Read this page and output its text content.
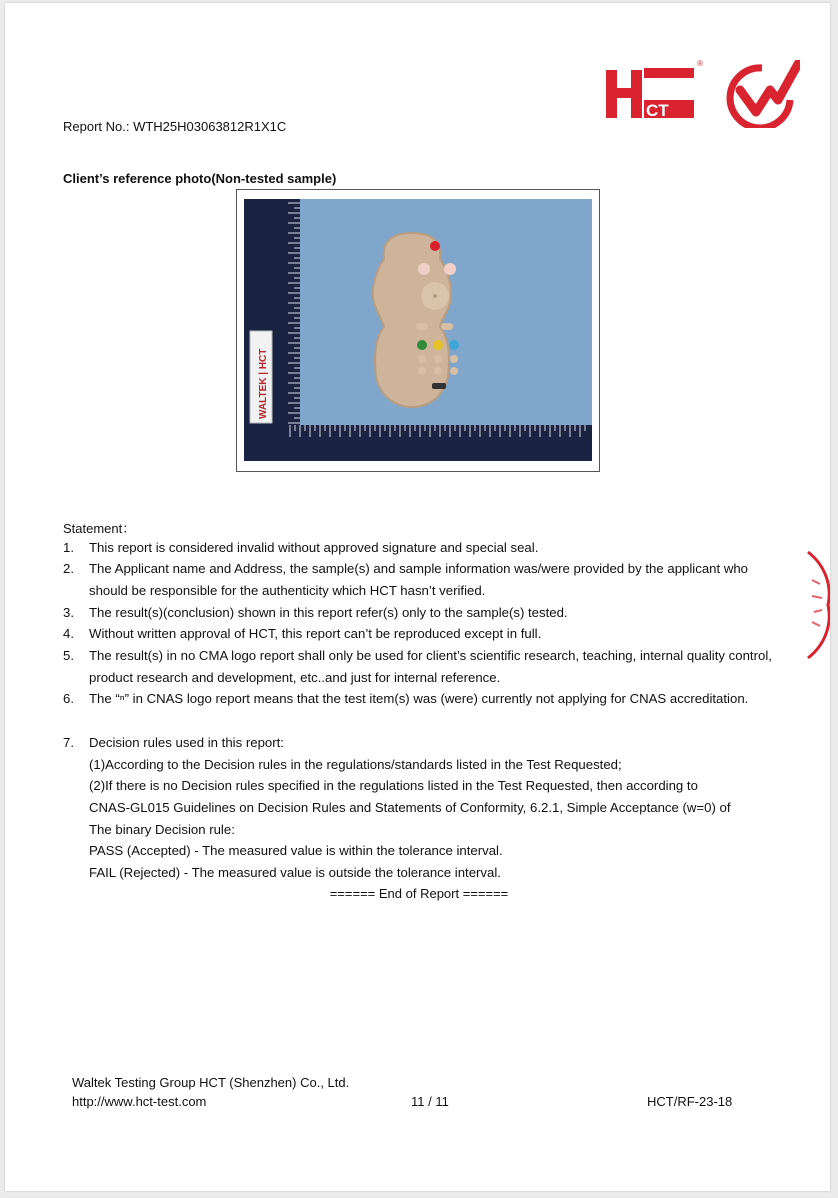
CT
®
Report No.: WTH25H03063812R1X1C
Client’s reference photo(Non-tested sample)
WALTEK | HCT
Statement：
1. This report is considered invalid without approved signature and special seal.
2. The Applicant name and Address, the sample(s) and sample information was/were provided by the applicant who should be responsible for the authenticity which HCT hasn’t verified.
3. The result(s)(conclusion) shown in this report refer(s) only to the sample(s) tested.
4. Without written approval of HCT, this report can’t be reproduced except in full.
5. The result(s) in no CMA logo report shall only be used for client’s scientific research, teaching, internal quality control, product research and development, etc..and just for internal reference.
6. The “ⁿ” in CNAS logo report means that the test item(s) was (were) currently not applying for CNAS accreditation.
7. Decision rules used in this report:
(1)According to the Decision rules in the regulations/standards listed in the Test Requested;
(2)If there is no Decision rules specified in the regulations listed in the Test Requested, then according to
CNAS-GL015 Guidelines on Decision Rules and Statements of Conformity, 6.2.1, Simple Acceptance (w=0) of
The binary Decision rule:
PASS (Accepted) - The measured value is within the tolerance interval.
FAIL (Rejected) - The measured value is outside the tolerance interval.
====== End of Report ======
Waltek Testing Group HCT (Shenzhen) Co., Ltd.
http://www.hct-test.com	11 / 11	HCT/RF-23-18
